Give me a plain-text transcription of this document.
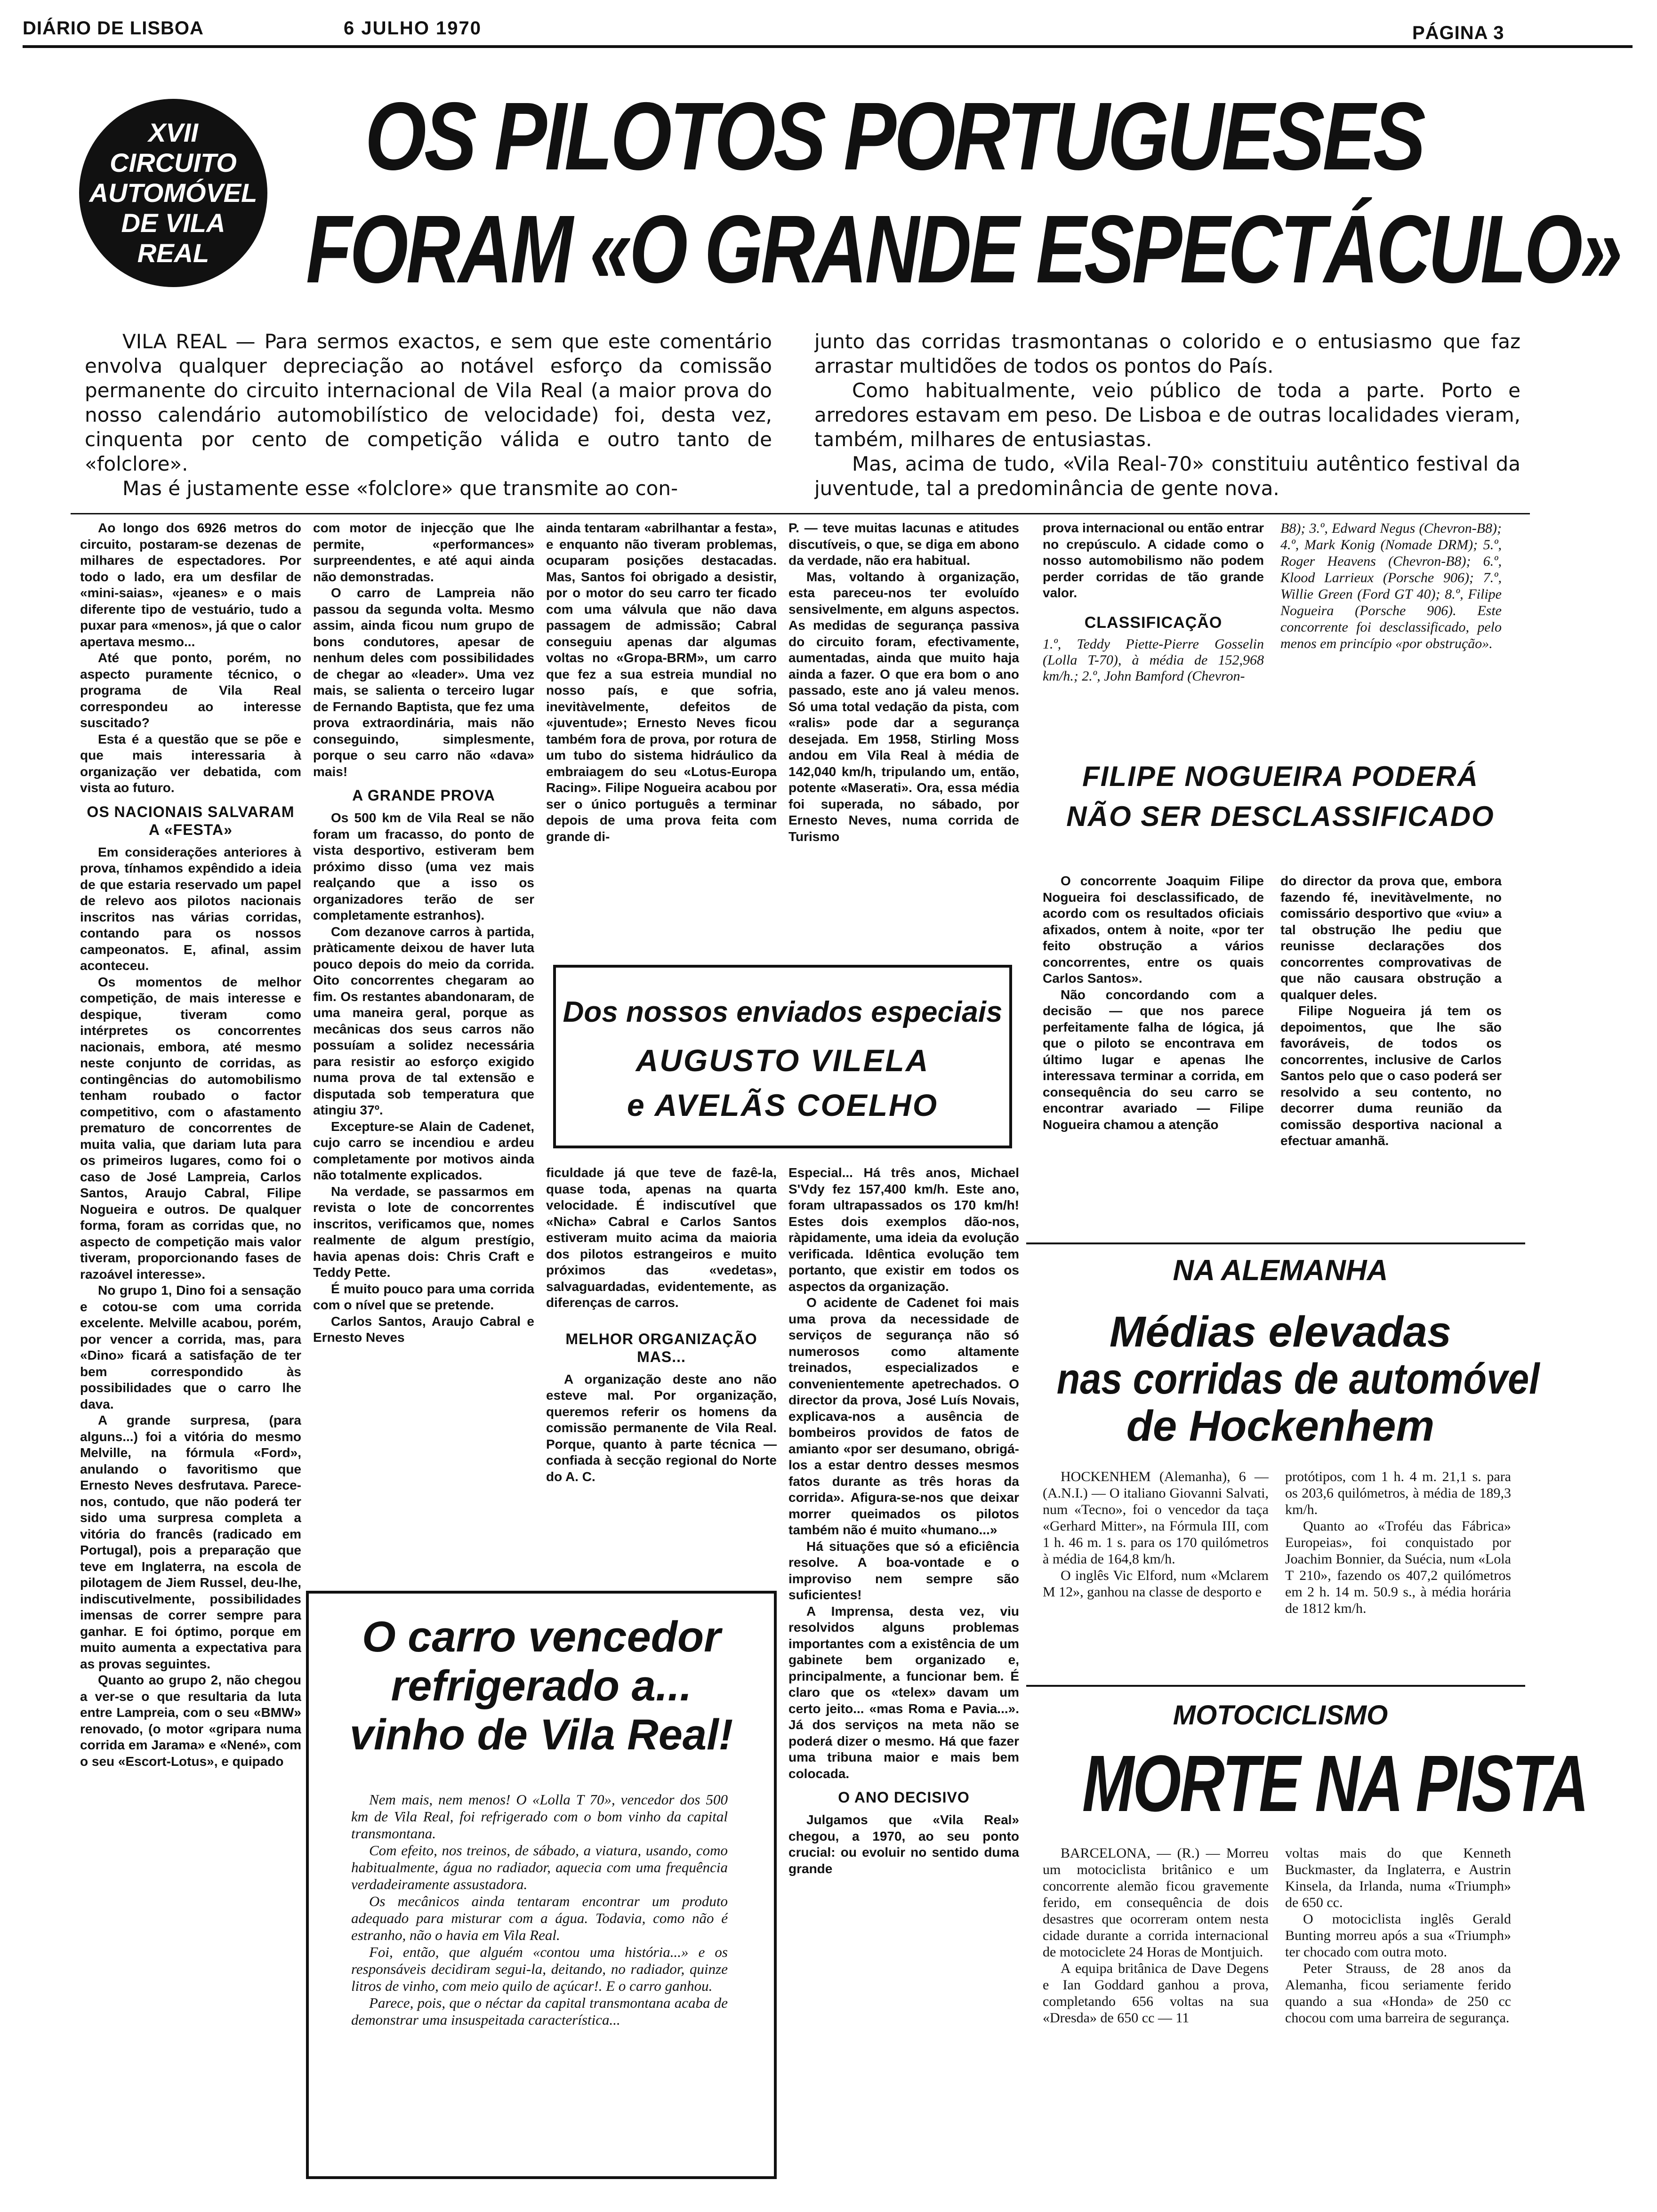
DIÁRIO DE LISBOA	6 JULHO 1970	PÁGINA 3
XVII
CIRCUITO
AUTOMÓVEL
DE VILA
REAL
OS PILOTOS PORTUGUESES
FORAM «O GRANDE ESPECTÁCULO»

VILA REAL — Para sermos exactos, e sem que este comentário envolva qualquer depreciação ao notável esforço da comissão permanente do circuito internacional de Vila Real (a maior prova do nosso calendário automobilístico de velocidade) foi, desta vez, cinquenta por cento de competição válida e outro tanto de «folclore».

Mas é justamente esse «folclore» que transmite ao con-

junto das corridas trasmontanas o colorido e o entusiasmo que faz arrastar multidões de todos os pontos do País.

Como habitualmente, veio público de toda a parte. Porto e arredores estavam em peso. De Lisboa e de outras localidades vieram, também, milhares de entusiastas.

Mas, acima de tudo, «Vila Real-70» constituiu autêntico festival da juventude, tal a predominância de gente nova.

Ao longo dos 6926 metros do circuito, postaram-se dezenas de milhares de espectadores. Por todo o lado, era um desfilar de «mini-saias», «jeanes» e o mais diferente tipo de vestuário, tudo a puxar para «menos», já que o calor apertava mesmo...

Até que ponto, porém, no aspecto puramente técnico, o programa de Vila Real correspondeu ao interesse suscitado?

Esta é a questão que se põe e que mais interessaria à organização ver debatida, com vista ao futuro.

OS NACIONAIS SALVARAM A «FESTA»

Em considerações anteriores à prova, tínhamos expêndido a ideia de que estaria reservado um papel de relevo aos pilotos nacionais inscritos nas várias corridas, contando para os nossos campeonatos. E, afinal, assim aconteceu.

Os momentos de melhor competição, de mais interesse e despique, tiveram como intérpretes os concorrentes nacionais, embora, até mesmo neste conjunto de corridas, as contingências do automobilismo tenham roubado o factor competitivo, com o afastamento prematuro de concorrentes de muita valia, que dariam luta para os primeiros lugares, como foi o caso de José Lampreia, Carlos Santos, Araujo Cabral, Filipe Nogueira e outros. De qualquer forma, foram as corridas que, no aspecto de competição mais valor tiveram, proporcionando fases de razoável interesse».

No grupo 1, Dino foi a sensação e cotou-se com uma corrida excelente. Melville acabou, porém, por vencer a corrida, mas, para «Dino» ficará a satisfação de ter bem correspondido às possibilidades que o carro lhe dava.

A grande surpresa, (para alguns...) foi a vitória do mesmo Melville, na fórmula «Ford», anulando o favoritismo que Ernesto Neves desfrutava. Parece-nos, contudo, que não poderá ter sido uma surpresa completa a vitória do francês (radicado em Portugal), pois a preparação que teve em Inglaterra, na escola de pilotagem de Jiem Russel, deu-lhe, indiscutivelmente, possibilidades imensas de correr sempre para ganhar. E foi óptimo, porque em muito aumenta a expectativa para as provas seguintes.

Quanto ao grupo 2, não chegou a ver-se o que resultaria da luta entre Lampreia, com o seu «BMW» renovado, (o motor «gripara numa corrida em Jarama» e «Nené», com o seu «Escort-Lotus», e quipado

com motor de injecção que lhe permite, «performances» surpreendentes, e até aqui ainda não demonstradas.

O carro de Lampreia não passou da segunda volta. Mesmo assim, ainda ficou num grupo de bons condutores, apesar de nenhum deles com possibilidades de chegar ao «leader». Uma vez mais, se salienta o terceiro lugar de Fernando Baptista, que fez uma prova extraordinária, mais não conseguindo, simplesmente, porque o seu carro não «dava» mais!

A GRANDE PROVA

Os 500 km de Vila Real se não foram um fracasso, do ponto de vista desportivo, estiveram bem próximo disso (uma vez mais realçando que a isso os organizadores terão de ser completamente estranhos).

Com dezanove carros à partida, pràticamente deixou de haver luta pouco depois do meio da corrida. Oito concorrentes chegaram ao fim. Os restantes abandonaram, de uma maneira geral, porque as mecânicas dos seus carros não possuíam a solidez necessária para resistir ao esforço exigido numa prova de tal extensão e disputada sob temperatura que atingiu 37º.

Excepture-se Alain de Cadenet, cujo carro se incendiou e ardeu completamente por motivos ainda não totalmente explicados.

Na verdade, se passarmos em revista o lote de concorrentes inscritos, verificamos que, nomes realmente de algum prestígio, havia apenas dois: Chris Craft e Teddy Pette.

É muito pouco para uma corrida com o nível que se pretende.

Carlos Santos, Araujo Cabral e Ernesto Neves

ainda tentaram «abrilhantar a festa», e enquanto não tiveram problemas, ocuparam posições destacadas. Mas, Santos foi obrigado a desistir, por o motor do seu carro ter ficado com uma válvula que não dava passagem de admissão; Cabral conseguiu apenas dar algumas voltas no «Gropa-BRM», um carro que fez a sua estreia mundial no nosso país, e que sofria, inevitàvelmente, defeitos de «juventude»; Ernesto Neves ficou também fora de prova, por rotura de um tubo do sistema hidráulico da embraiagem do seu «Lotus-Europa Racing». Filipe Nogueira acabou por ser o único português a terminar depois de uma prova feita com grande di-

P. — teve muitas lacunas e atitudes discutíveis, o que, se diga em abono da verdade, não era habitual.

Mas, voltando à organização, esta pareceu-nos ter evoluído sensivelmente, em alguns aspectos. As medidas de segurança passiva do circuito foram, efectivamente, aumentadas, ainda que muito haja ainda a fazer. O que era bom o ano passado, este ano já valeu menos. Só uma total vedação da pista, com «ralis» pode dar a segurança desejada. Em 1958, Stirling Moss andou em Vila Real à média de 142,040 km/h, tripulando um, então, potente «Maserati». Ora, essa média foi superada, no sábado, por Ernesto Neves, numa corrida de Turismo

Dos nossos enviados especiais
AUGUSTO VILELA
e AVELÃS COELHO

ficuldade já que teve de fazê-la, quase toda, apenas na quarta velocidade. É indiscutível que «Nicha» Cabral e Carlos Santos estiveram muito acima da maioria dos pilotos estrangeiros e muito próximos das «vedetas», salvaguardadas, evidentemente, as diferenças de carros.

MELHOR ORGANIZAÇÃO MAS...

A organização deste ano não esteve mal. Por organização, queremos referir os homens da comissão permanente de Vila Real. Porque, quanto à parte técnica — confiada à secção regional do Norte do A. C.

Especial... Há três anos, Michael S'Vdy fez 157,400 km/h. Este ano, foram ultrapassados os 170 km/h! Estes dois exemplos dão-nos, ràpidamente, uma ideia da evolução verificada. Idêntica evolução tem portanto, que existir em todos os aspectos da organização.

O acidente de Cadenet foi mais uma prova da necessidade de serviços de segurança não só numerosos como altamente treinados, especializados e convenientemente apetrechados. O director da prova, José Luís Novais, explicava-nos a ausência de bombeiros providos de fatos de amianto «por ser desumano, obrigá-los a estar dentro desses mesmos fatos durante as três horas da corrida». Afigura-se-nos que deixar morrer queimados os pilotos também não é muito «humano...»

Há situações que só a eficiência resolve. A boa-vontade e o improviso nem sempre são suficientes!

A Imprensa, desta vez, viu resolvidos alguns problemas importantes com a existência de um gabinete bem organizado e, principalmente, a funcionar bem. É claro que os «telex» davam um certo jeito... «mas Roma e Pavia...». Já dos serviços na meta não se poderá dizer o mesmo. Há que fazer uma tribuna maior e mais bem colocada.

O ANO DECISIVO

Julgamos que «Vila Real» chegou, a 1970, ao seu ponto crucial: ou evoluir no sentido duma grande

prova internacional ou então entrar no crepúsculo. A cidade como o nosso automobilismo não podem perder corridas de tão grande valor.

CLASSIFICAÇÃO
1.º, Teddy Piette-Pierre Gosselin (Lolla T-70), à média de 152,968 km/h.; 2.º, John Bamford (Chevron-
B8); 3.º, Edward Negus (Chevron-B8); 4.º, Mark Konig (Nomade DRM); 5.º, Roger Heavens (Chevron-B8); 6.º, Klood Larrieux (Porsche 906); 7.º, Willie Green (Ford GT 40); 8.º, Filipe Nogueira (Porsche 906). Este concorrente foi desclassificado, pelo menos em princípio «por obstrução».
FILIPE NOGUEIRA PODERÁ
NÃO SER DESCLASSIFICADO

O concorrente Joaquim Filipe Nogueira foi desclassificado, de acordo com os resultados oficiais afixados, ontem à noite, «por ter feito obstrução a vários concorrentes, entre os quais Carlos Santos».

Não concordando com a decisão — que nos parece perfeitamente falha de lógica, já que o piloto se encontrava em último lugar e apenas lhe interessava terminar a corrida, em consequência do seu carro se encontrar avariado — Filipe Nogueira chamou a atenção

do director da prova que, embora fazendo fé, inevitàvelmente, no comissário desportivo que «viu» a tal obstrução lhe pediu que reunisse declarações dos concorrentes comprovativas de que não causara obstrução a qualquer deles.

Filipe Nogueira já tem os depoimentos, que lhe são favoráveis, de todos os concorrentes, inclusive de Carlos Santos pelo que o caso poderá ser resolvido a seu contento, no decorrer duma reunião da comissão desportiva nacional a efectuar amanhã.

NA ALEMANHA
Médias elevadas
nas corridas de automóvel
de Hockenhem

HOCKENHEM (Alemanha), 6 — (A.N.I.) — O italiano Giovanni Salvati, num «Tecno», foi o vencedor da taça «Gerhard Mitter», na Fórmula III, com 1 h. 46 m. 1 s. para os 170 quilómetros à média de 164,8 km/h.

O inglês Vic Elford, num «Mclarem M 12», ganhou na classe de desporto e

protótipos, com 1 h. 4 m. 21,1 s. para os 203,6 quilómetros, à média de 189,3 km/h.

Quanto ao «Troféu das Fábrica» Europeias», foi conquistado por Joachim Bonnier, da Suécia, num «Lola T 210», fazendo os 407,2 quilómetros em 2 h. 14 m. 50.9 s., à média horária de 1812 km/h.

MOTOCICLISMO
MORTE NA PISTA

BARCELONA, — (R.) — Morreu um motociclista britânico e um concorrente alemão ficou gravemente ferido, em consequência de dois desastres que ocorreram ontem nesta cidade durante a corrida internacional de motociclete 24 Horas de Montjuich.

A equipa britânica de Dave Degens e Ian Goddard ganhou a prova, completando 656 voltas na sua «Dresda» de 650 cc — 11

voltas mais do que Kenneth Buckmaster, da Inglaterra, e Austrin Kinsela, da Irlanda, numa «Triumph» de 650 cc.

O motociclista inglês Gerald Bunting morreu após a sua «Triumph» ter chocado com outra moto.

Peter Strauss, de 28 anos da Alemanha, ficou seriamente ferido quando a sua «Honda» de 250 cc chocou com uma barreira de segurança.

O carro vencedor
refrigerado a...
vinho de Vila Real!

Nem mais, nem menos! O «Lolla T 70», vencedor dos 500 km de Vila Real, foi refrigerado com o bom vinho da capital transmontana.

Com efeito, nos treinos, de sábado, a viatura, usando, como habitualmente, água no radiador, aquecia com uma frequência verdadeiramente assustadora.

Os mecânicos ainda tentaram encontrar um produto adequado para misturar com a água. Todavia, como não é estranho, não o havia em Vila Real.

Foi, então, que alguém «contou uma história...» e os responsáveis decidiram segui-la, deitando, no radiador, quinze litros de vinho, com meio quilo de açúcar!. E o carro ganhou.

Parece, pois, que o néctar da capital transmontana acaba de demonstrar uma insuspeitada característica...
